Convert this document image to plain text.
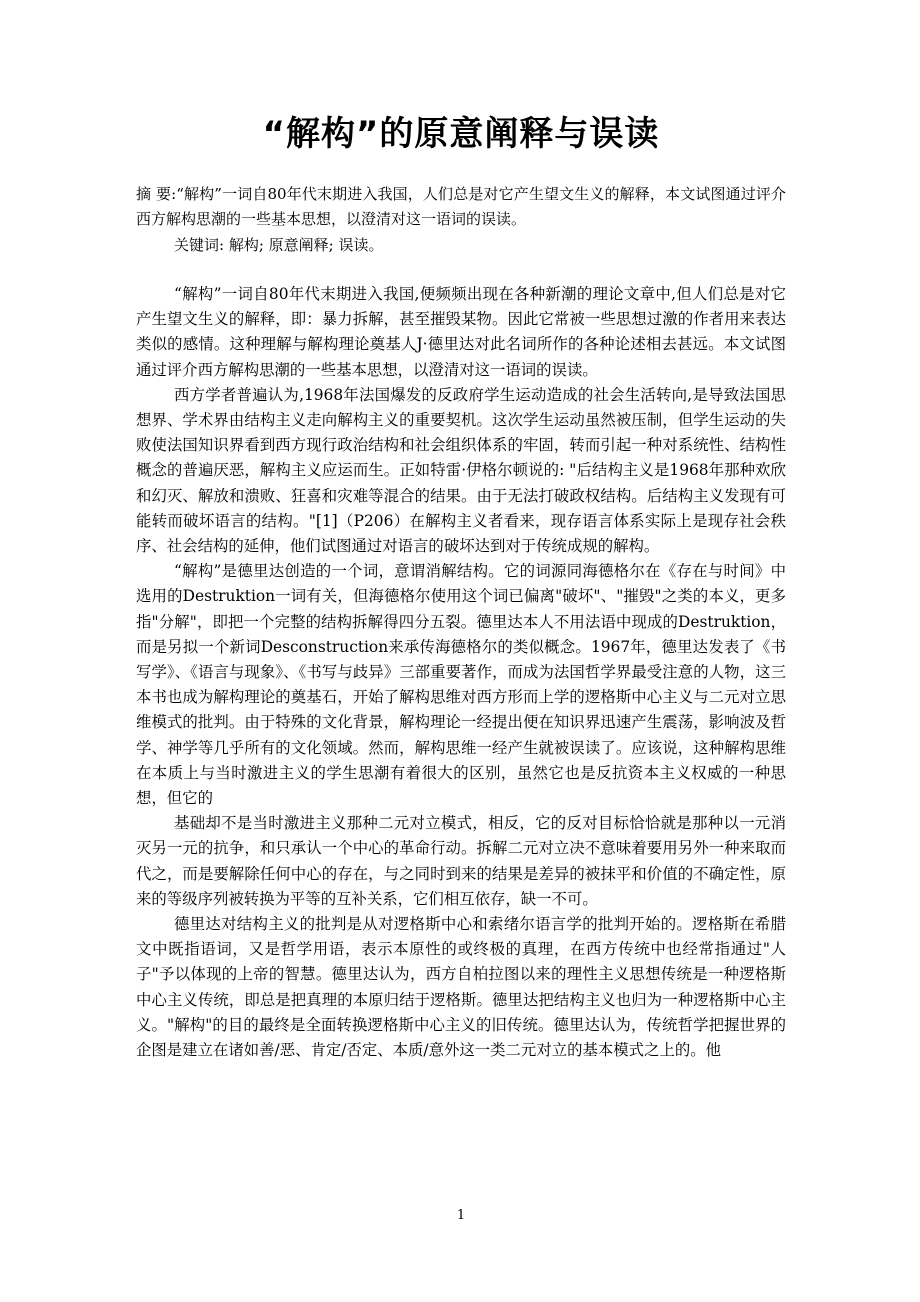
“解构”的原意阐释与误读

摘 要:“解构”一词自80年代末期进入我国，人们总是对它产生望文生义的解释，本文试图通过评介西方解构思潮的一些基本思想，以澄清对这一语词的误读。

关键词: 解构; 原意阐释; 误读。

“解构”一词自80年代末期进入我国,便频频出现在各种新潮的理论文章中,但人们总是对它产生望文生义的解释，即：暴力拆解，甚至摧毁某物。因此它常被一些思想过激的作者用来表达类似的感情。这种理解与解构理论奠基人J·德里达对此名词所作的各种论述相去甚远。本文试图通过评介西方解构思潮的一些基本思想，以澄清对这一语词的误读。

西方学者普遍认为,1968年法国爆发的反政府学生运动造成的社会生活转向,是导致法国思想界、学术界由结构主义走向解构主义的重要契机。这次学生运动虽然被压制，但学生运动的失败使法国知识界看到西方现行政治结构和社会组织体系的牢固，转而引起一种对系统性、结构性概念的普遍厌恶，解构主义应运而生。正如特雷·伊格尔顿说的: "后结构主义是1968年那种欢欣和幻灭、解放和溃败、狂喜和灾难等混合的结果。由于无法打破政权结构。后结构主义发现有可能转而破坏语言的结构。"[1]（P206）在解构主义者看来，现存语言体系实际上是现存社会秩序、社会结构的延伸，他们试图通过对语言的破坏达到对于传统成规的解构。

“解构”是德里达创造的一个词，意谓消解结构。它的词源同海德格尔在《存在与时间》中选用的Destruktion一词有关，但海德格尔使用这个词已偏离"破坏"、"摧毁"之类的本义，更多指"分解"，即把一个完整的结构拆解得四分五裂。德里达本人不用法语中现成的Destruktion，而是另拟一个新词Desconstruction来承传海德格尔的类似概念。1967年，德里达发表了《书写学》、《语言与现象》、《书写与歧异》三部重要著作，而成为法国哲学界最受注意的人物，这三本书也成为解构理论的奠基石，开始了解构思维对西方形而上学的逻格斯中心主义与二元对立思维模式的批判。由于特殊的文化背景，解构理论一经提出便在知识界迅速产生震荡，影响波及哲学、神学等几乎所有的文化领域。然而，解构思维一经产生就被误读了。应该说，这种解构思维在本质上与当时激进主义的学生思潮有着很大的区别，虽然它也是反抗资本主义权威的一种思想，但它的

基础却不是当时激进主义那种二元对立模式，相反，它的反对目标恰恰就是那种以一元消灭另一元的抗争，和只承认一个中心的革命行动。拆解二元对立决不意味着要用另外一种来取而代之，而是要解除任何中心的存在，与之同时到来的结果是差异的被抹平和价值的不确定性，原来的等级序列被转换为平等的互补关系，它们相互依存，缺一不可。

德里达对结构主义的批判是从对逻格斯中心和索绪尔语言学的批判开始的。逻格斯在希腊文中既指语词，又是哲学用语，表示本原性的或终极的真理，在西方传统中也经常指通过"人子"予以体现的上帝的智慧。德里达认为，西方自柏拉图以来的理性主义思想传统是一种逻格斯中心主义传统，即总是把真理的本原归结于逻格斯。德里达把结构主义也归为一种逻格斯中心主义。"解构"的目的最终是全面转换逻格斯中心主义的旧传统。德里达认为，传统哲学把握世界的企图是建立在诸如善/恶、肯定/否定、本质/意外这一类二元对立的基本模式之上的。他

1
